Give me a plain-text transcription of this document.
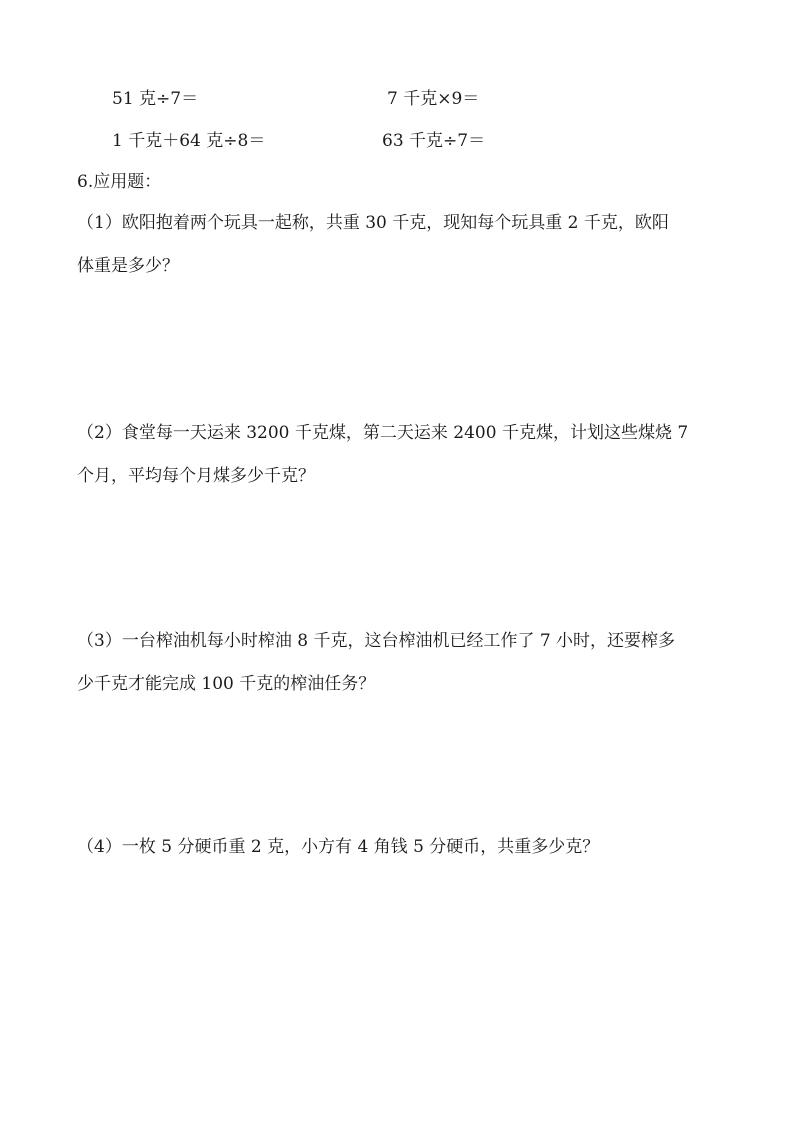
51 克÷7＝	7 千克×9＝
1 千克＋64 克÷8＝	63 千克÷7＝
6.应用题：
（1）欧阳抱着两个玩具一起称，共重 30 千克，现知每个玩具重 2 千克，欧阳
体重是多少？
（2）食堂每一天运来 3200 千克煤，第二天运来 2400 千克煤，计划这些煤烧 7
个月，平均每个月煤多少千克？
（3）一台榨油机每小时榨油 8 千克，这台榨油机已经工作了 7 小时，还要榨多
少千克才能完成 100 千克的榨油任务？
（4）一枚 5 分硬币重 2 克，小方有 4 角钱 5 分硬币，共重多少克？
